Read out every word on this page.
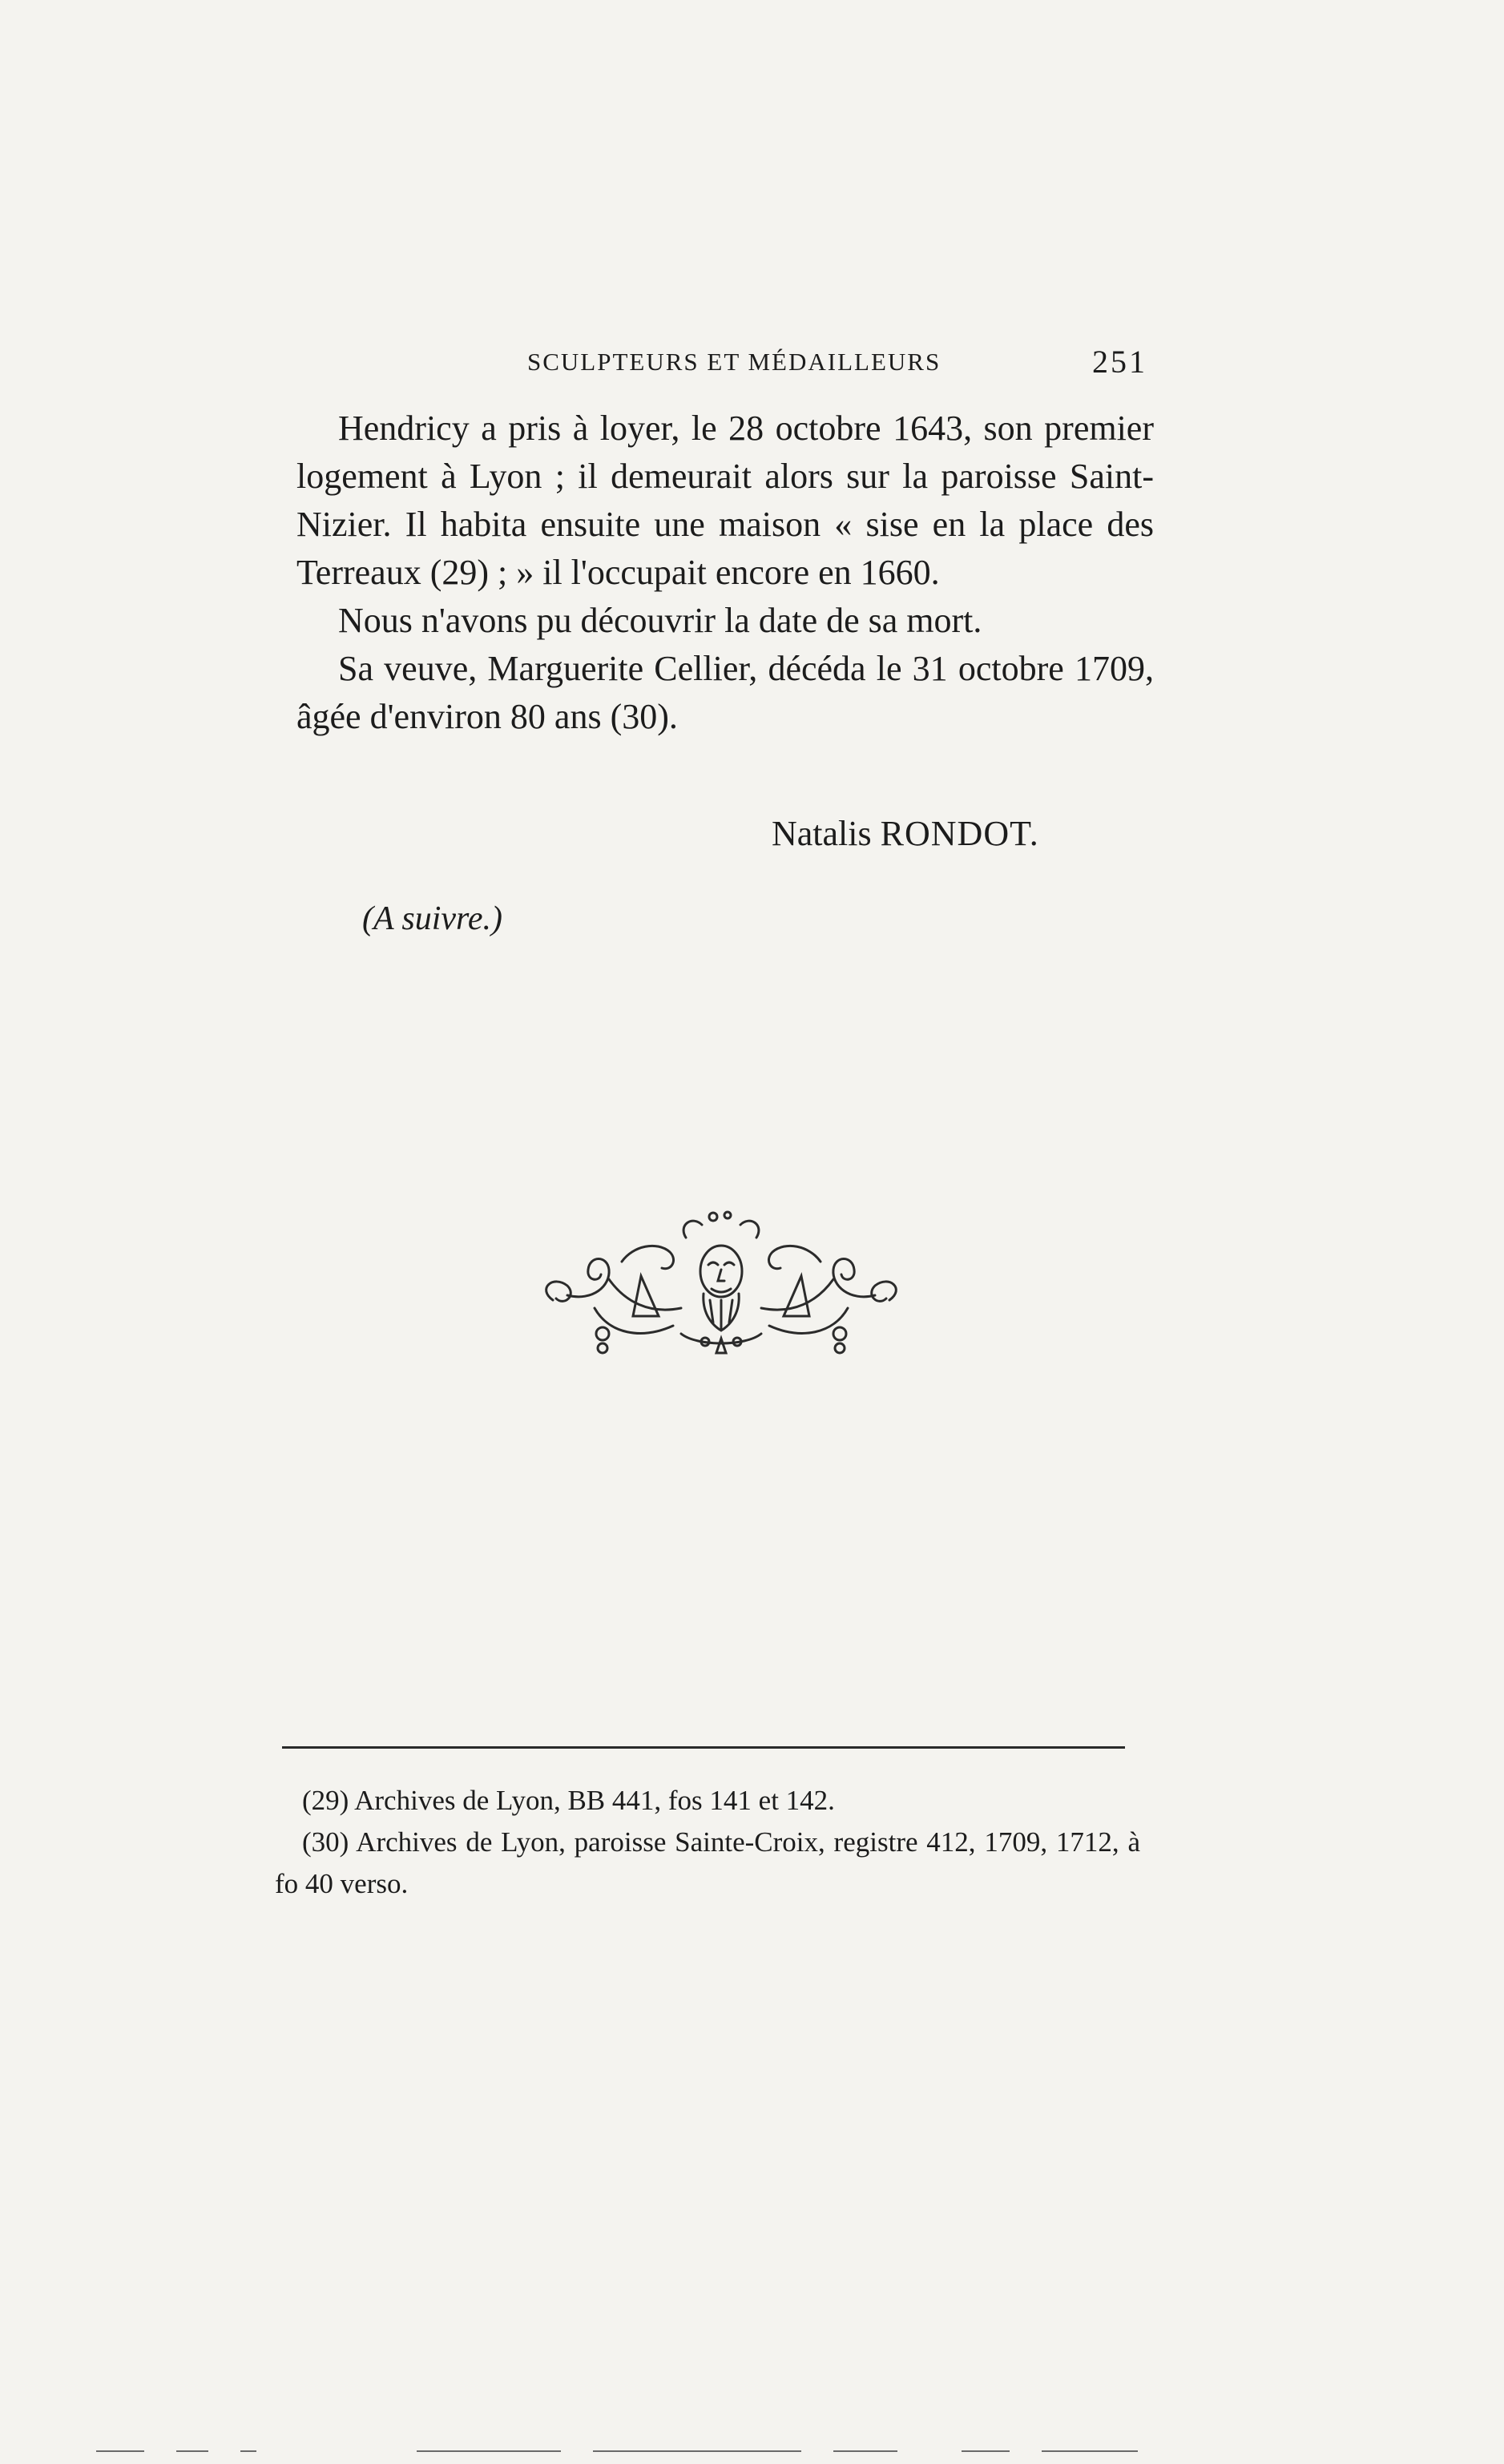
SCULPTEURS ET MÉDAILLEURS	251

Hendricy a pris à loyer, le 28 octobre 1643, son premier logement à Lyon ; il demeurait alors sur la paroisse Saint-Nizier. Il habita ensuite une maison « sise en la place des Terreaux (29) ; » il l'occupait encore en 1660.

Nous n'avons pu découvrir la date de sa mort.

Sa veuve, Marguerite Cellier, décéda le 31 octobre 1709, âgée d'environ 80 ans (30).

Natalis RONDOT.
(A suivre.)

(29) Archives de Lyon, BB 441, fos 141 et 142.

(30) Archives de Lyon, paroisse Sainte-Croix, registre 412, 1709, 1712, à fo 40 verso.
